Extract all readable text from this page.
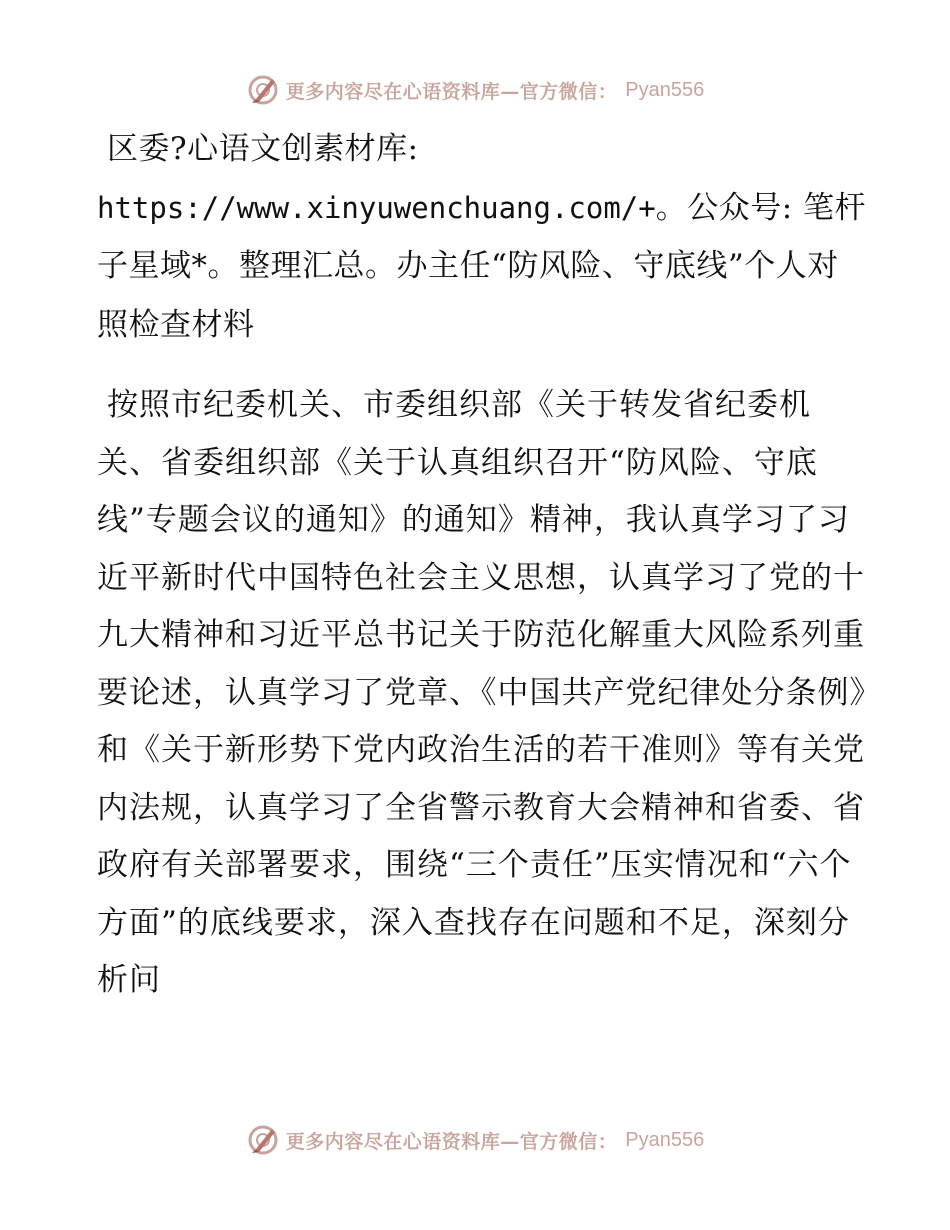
更多内容尽在心语资料库—官方微信： Pyan556

区委?心语文创素材库: https://www.xinyuwenchuang.com/+。公众号: 笔杆子星域*。整理汇总。办主任“防风险、守底线”个人对照检查材料

按照市纪委机关、市委组织部《关于转发省纪委机关、省委组织部《关于认真组织召开“防风险、守底线”专题会议的通知》的通知》精神，我认真学习了习近平新时代中国特色社会主义思想，认真学习了党的十九大精神和习近平总书记关于防范化解重大风险系列重要论述，认真学习了党章、《中国共产党纪律处分条例》和《关于新形势下党内政治生活的若干准则》等有关党内法规，认真学习了全省警示教育大会精神和省委、省政府有关部署要求，围绕“三个责任”压实情况和“六个方面”的底线要求，深入查找存在问题和不足，深刻分析问

更多内容尽在心语资料库—官方微信： Pyan556
